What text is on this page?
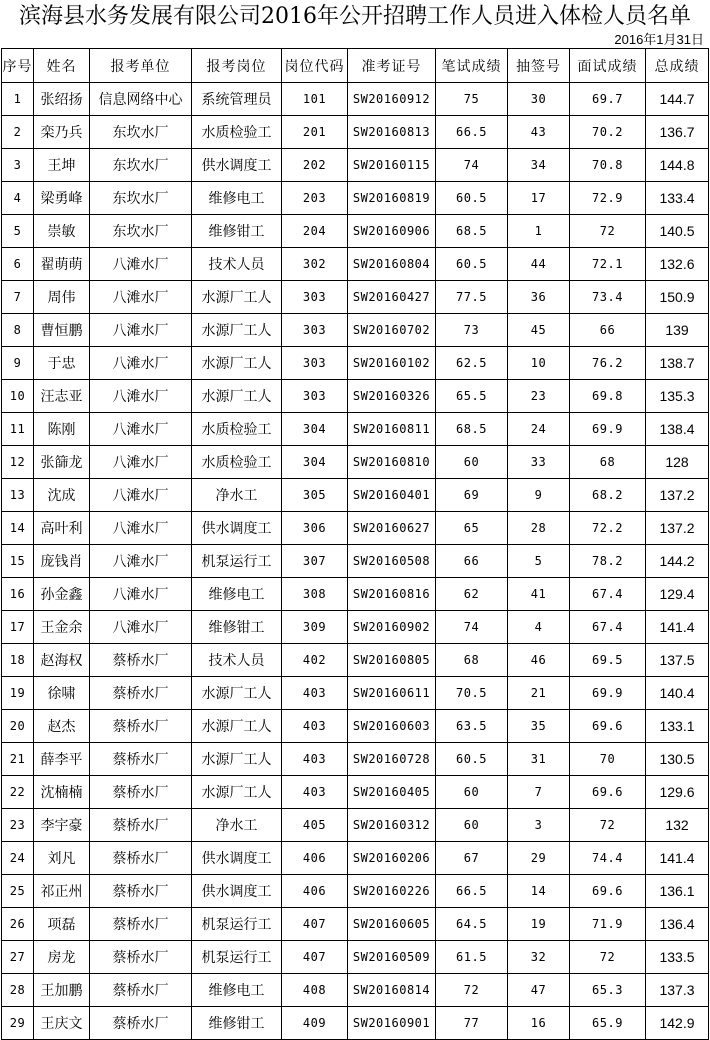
滨海县水务发展有限公司2016年公开招聘工作人员进入体检人员名单
2016年1月31日
序号	姓名	报考单位	报考岗位	岗位代码	准考证号	笔试成绩	抽签号	面试成绩	总成绩
1	张绍扬	信息网络中心	系统管理员	101	SW20160912	75	30	69.7	144.7
2	栾乃兵	东坎水厂	水质检验工	201	SW20160813	66.5	43	70.2	136.7
3	王坤	东坎水厂	供水调度工	202	SW20160115	74	34	70.8	144.8
4	梁勇峰	东坎水厂	维修电工	203	SW20160819	60.5	17	72.9	133.4
5	崇敏	东坎水厂	维修钳工	204	SW20160906	68.5	1	72	140.5
6	翟萌萌	八滩水厂	技术人员	302	SW20160804	60.5	44	72.1	132.6
7	周伟	八滩水厂	水源厂工人	303	SW20160427	77.5	36	73.4	150.9
8	曹恒鹏	八滩水厂	水源厂工人	303	SW20160702	73	45	66	139
9	于忠	八滩水厂	水源厂工人	303	SW20160102	62.5	10	76.2	138.7
10	汪志亚	八滩水厂	水源厂工人	303	SW20160326	65.5	23	69.8	135.3
11	陈刚	八滩水厂	水质检验工	304	SW20160811	68.5	24	69.9	138.4
12	张篩龙	八滩水厂	水质检验工	304	SW20160810	60	33	68	128
13	沈成	八滩水厂	净水工	305	SW20160401	69	9	68.2	137.2
14	高叶利	八滩水厂	供水调度工	306	SW20160627	65	28	72.2	137.2
15	庞钱肖	八滩水厂	机泵运行工	307	SW20160508	66	5	78.2	144.2
16	孙金鑫	八滩水厂	维修电工	308	SW20160816	62	41	67.4	129.4
17	王金余	八滩水厂	维修钳工	309	SW20160902	74	4	67.4	141.4
18	赵海权	蔡桥水厂	技术人员	402	SW20160805	68	46	69.5	137.5
19	徐啸	蔡桥水厂	水源厂工人	403	SW20160611	70.5	21	69.9	140.4
20	赵杰	蔡桥水厂	水源厂工人	403	SW20160603	63.5	35	69.6	133.1
21	薛李平	蔡桥水厂	水源厂工人	403	SW20160728	60.5	31	70	130.5
22	沈楠楠	蔡桥水厂	水源厂工人	403	SW20160405	60	7	69.6	129.6
23	李宇豪	蔡桥水厂	净水工	405	SW20160312	60	3	72	132
24	刘凡	蔡桥水厂	供水调度工	406	SW20160206	67	29	74.4	141.4
25	祁正州	蔡桥水厂	供水调度工	406	SW20160226	66.5	14	69.6	136.1
26	项磊	蔡桥水厂	机泵运行工	407	SW20160605	64.5	19	71.9	136.4
27	房龙	蔡桥水厂	机泵运行工	407	SW20160509	61.5	32	72	133.5
28	王加鹏	蔡桥水厂	维修电工	408	SW20160814	72	47	65.3	137.3
29	王庆文	蔡桥水厂	维修钳工	409	SW20160901	77	16	65.9	142.9
